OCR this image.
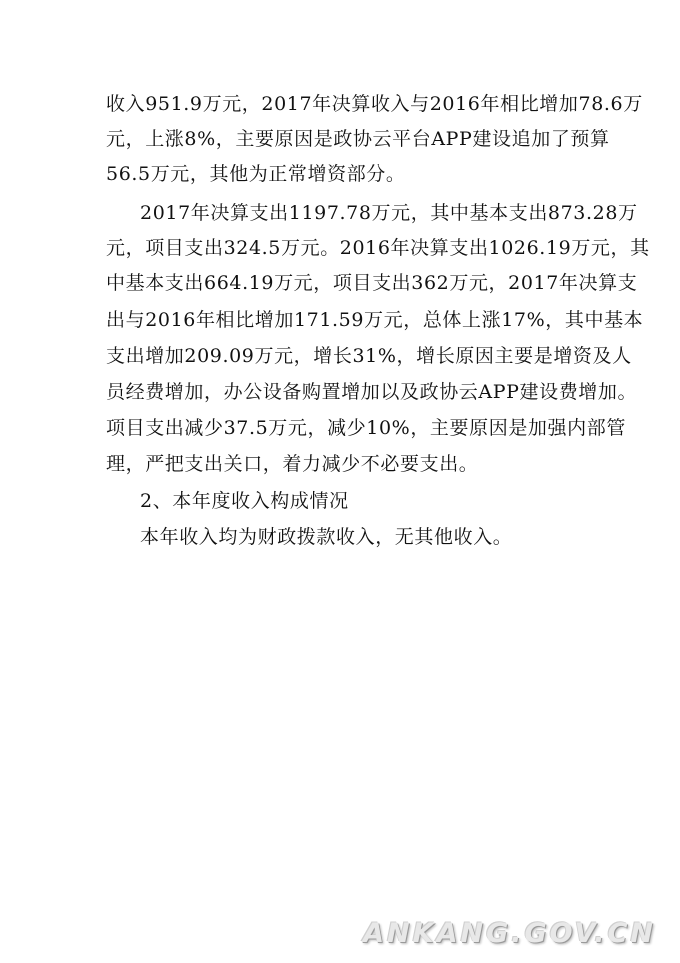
收入951.9万元，2017年决算收入与2016年相比增加78.6万
元，上涨8%，主要原因是政协云平台APP建设追加了预算
56.5万元，其他为正常增资部分。
2017年决算支出1197.78万元，其中基本支出873.28万
元，项目支出324.5万元。2016年决算支出1026.19万元，其
中基本支出664.19万元，项目支出362万元，2017年决算支
出与2016年相比增加171.59万元，总体上涨17%，其中基本
支出增加209.09万元，增长31%，增长原因主要是增资及人
员经费增加，办公设备购置增加以及政协云APP建设费增加。
项目支出减少37.5万元，减少10%，主要原因是加强内部管
理，严把支出关口，着力减少不必要支出。
2、本年度收入构成情况
本年收入均为财政拨款收入，无其他收入。
ANKANG.GOV.CN
